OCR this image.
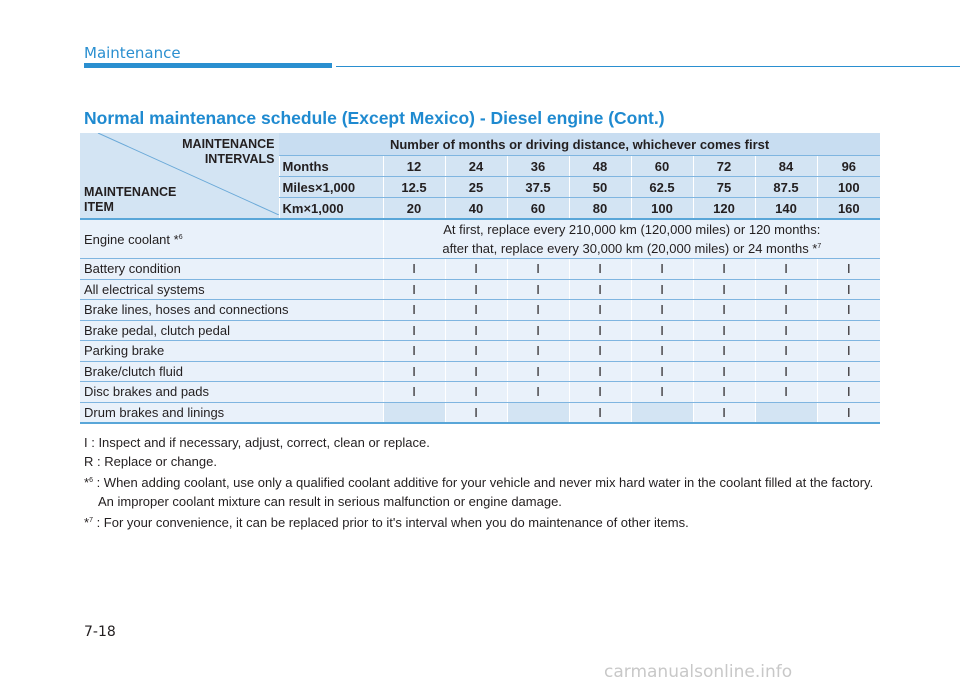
Maintenance
Normal maintenance schedule (Except Mexico) - Diesel engine (Cont.)
MAINTENANCE
INTERVALS
MAINTENANCE
ITEM	Number of months or driving distance, whichever comes first								
	Months	12	24	36	48	60	72	84	96
	Miles×1,000	12.5	25	37.5	50	62.5	75	87.5	100
	Km×1,000	20	40	60	80	100	120	140	160
Engine coolant *$^6$		At first, replace every 210,000 km (120,000 miles) or 120 months:
after that, replace every 30,000 km (20,000 miles) or 24 months *$^7$

Battery condition		I	I	I	I	I	I	I	I
All electrical systems		I	I	I	I	I	I	I	I
Brake lines, hoses and connections		I	I	I	I	I	I	I	I
Brake pedal, clutch pedal		I	I	I	I	I	I	I	I
Parking brake		I	I	I	I	I	I	I	I
Brake/clutch fluid		I	I	I	I	I	I	I	I
Disc brakes and pads		I	I	I	I	I	I	I	I
Drum brakes and linings			I		I		I		I
I : Inspect and if necessary, adjust, correct, clean or replace.
R : Replace or change.
*$^6$ : When adding coolant, use only a qualified coolant additive for your vehicle and never mix hard water in the coolant filled at the factory. An improper coolant mixture can result in serious malfunction or engine damage.
*$^7$ : For your convenience, it can be replaced prior to it's interval when you do maintenance of other items.
7-18
carmanualsonline.info
